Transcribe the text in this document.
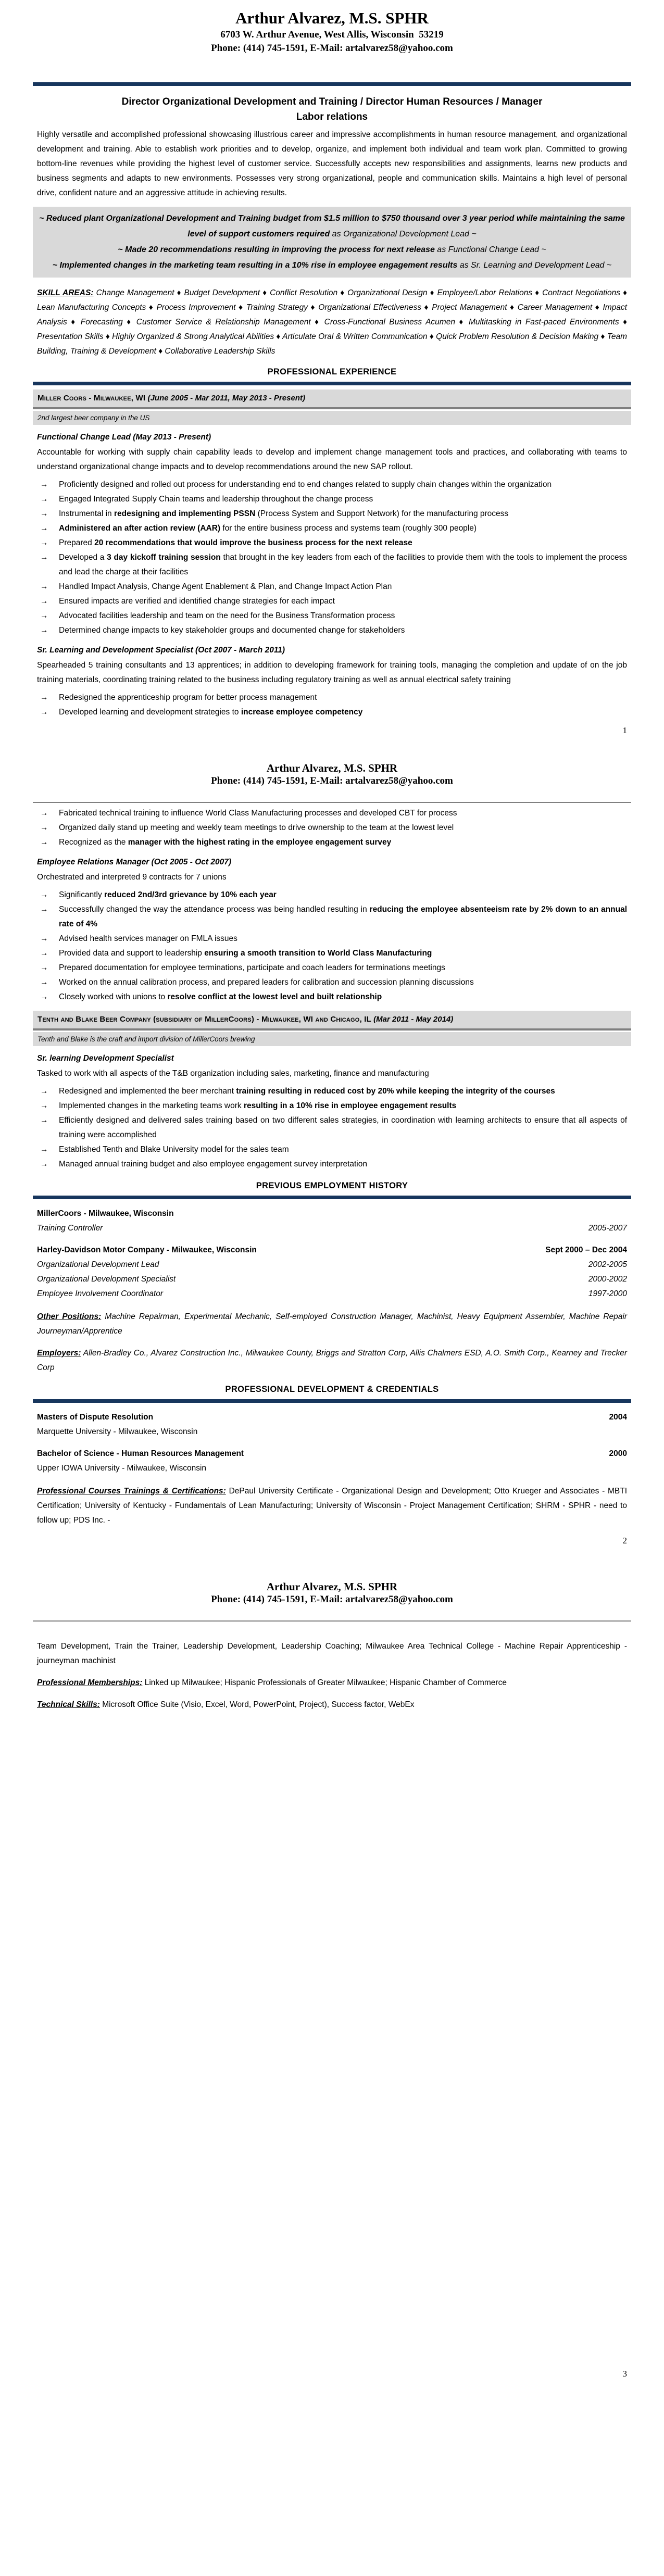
Arthur Alvarez, M.S. SPHR
6703 W. Arthur Avenue, West Allis, Wisconsin  53219
Phone: (414) 745-1591, E-Mail: artalvarez58@yahoo.com
Director Organizational Development and Training / Director Human Resources / Manager
Labor relations

Highly versatile and accomplished professional showcasing illustrious career and impressive accomplishments in human resource management, and organizational development and training. Able to establish work priorities and to develop, organize, and implement both individual and team work plan. Committed to growing bottom-line revenues while providing the highest level of customer service. Successfully accepts new responsibilities and assignments, learns new products and business segments and adapts to new environments. Possesses very strong organizational, people and communication skills. Maintains a high level of personal drive, confident nature and an aggressive attitude in achieving results.

~ Reduced plant Organizational Development and Training budget from $1.5 million to $750 thousand over 3 year period while maintaining the same level of support customers required as Organizational Development Lead ~

~ Made 20 recommendations resulting in improving the process for next release as Functional Change Lead ~

~ Implemented changes in the marketing team resulting in a 10% rise in employee engagement results as Sr. Learning and Development Lead ~

SKILL AREAS: Change Management ♦ Budget Development ♦ Conflict Resolution ♦ Organizational Design ♦ Employee/Labor Relations ♦ Contract Negotiations ♦ Lean Manufacturing Concepts ♦ Process Improvement ♦ Training Strategy ♦ Organizational Effectiveness ♦ Project Management ♦ Career Management ♦ Impact Analysis ♦ Forecasting ♦ Customer Service & Relationship Management ♦ Cross-Functional Business Acumen ♦ Multitasking in Fast-paced Environments ♦ Presentation Skills ♦ Highly Organized & Strong Analytical Abilities ♦ Articulate Oral & Written Communication ♦ Quick Problem Resolution & Decision Making ♦ Team Building, Training & Development ♦ Collaborative Leadership Skills

PROFESSIONAL EXPERIENCE
Miller Coors - Milwaukee, WI (June 2005 - Mar 2011, May 2013 - Present)
2nd largest beer company in the US

Functional Change Lead (May 2013 - Present)

Accountable for working with supply chain capability leads to develop and implement change management tools and practices, and collaborating with teams to understand organizational change impacts and to develop recommendations around the new SAP rollout.

→ Proficiently designed and rolled out process for understanding end to end changes related to supply chain changes within the organization
→ Engaged Integrated Supply Chain teams and leadership throughout the change process
→ Instrumental in redesigning and implementing PSSN (Process System and Support Network) for the manufacturing process
→ Administered an after action review (AAR) for the entire business process and systems team (roughly 300 people)
→ Prepared 20 recommendations that would improve the business process for the next release
→ Developed a 3 day kickoff training session that brought in the key leaders from each of the facilities to provide them with the tools to implement the process and lead the charge at their facilities
→ Handled Impact Analysis, Change Agent Enablement & Plan, and Change Impact Action Plan
→ Ensured impacts are verified and identified change strategies for each impact
→ Advocated facilities leadership and team on the need for the Business Transformation process
→ Determined change impacts to key stakeholder groups and documented change for stakeholders

Sr. Learning and Development Specialist (Oct 2007 - March 2011)

Spearheaded 5 training consultants and 13 apprentices; in addition to developing framework for training tools, managing the completion and update of on the job training materials, coordinating training related to the business including regulatory training as well as annual electrical safety training

→ Redesigned the apprenticeship program for better process management
→ Developed learning and development strategies to increase employee competency
1
Arthur Alvarez, M.S. SPHR
Phone: (414) 745-1591, E-Mail: artalvarez58@yahoo.com
→ Fabricated technical training to influence World Class Manufacturing processes and developed CBT for process
→ Organized daily stand up meeting and weekly team meetings to drive ownership to the team at the lowest level
→ Recognized as the manager with the highest rating in the employee engagement survey

Employee Relations Manager (Oct 2005 - Oct 2007)

Orchestrated and interpreted 9 contracts for 7 unions

→ Significantly reduced 2nd/3rd grievance by 10% each year
→ Successfully changed the way the attendance process was being handled resulting in reducing the employee absenteeism rate by 2% down to an annual rate of 4%
→ Advised health services manager on FMLA issues
→ Provided data and support to leadership ensuring a smooth transition to World Class Manufacturing
→ Prepared documentation for employee terminations, participate and coach leaders for terminations meetings
→ Worked on the annual calibration process, and prepared leaders for calibration and succession planning discussions
→ Closely worked with unions to resolve conflict at the lowest level and built relationship
Tenth and Blake Beer Company (subsidiary of MillerCoors) - Milwaukee, WI and Chicago, IL (Mar 2011 - May 2014)
Tenth and Blake is the craft and import division of MillerCoors brewing

Sr. learning Development Specialist

Tasked to work with all aspects of the T&B organization including sales, marketing, finance and manufacturing

→ Redesigned and implemented the beer merchant training resulting in reduced cost by 20% while keeping the integrity of the courses
→ Implemented changes in the marketing teams work resulting in a 10% rise in employee engagement results
→ Efficiently designed and delivered sales training based on two different sales strategies, in coordination with learning architects to ensure that all aspects of training were accomplished
→ Established Tenth and Blake University model for the sales team
→ Managed annual training budget and also employee engagement survey interpretation
PREVIOUS EMPLOYMENT HISTORY
MillerCoors - Milwaukee, Wisconsin
Training Controller	2005-2007
Harley-Davidson Motor Company - Milwaukee, Wisconsin	Sept 2000 – Dec 2004
Organizational Development Lead	2002-2005
Organizational Development Specialist	2000-2002
Employee Involvement Coordinator	1997-2000

Other Positions: Machine Repairman, Experimental Mechanic, Self-employed Construction Manager, Machinist, Heavy Equipment Assembler, Machine Repair Journeyman/Apprentice

Employers: Allen-Bradley Co., Alvarez Construction Inc., Milwaukee County, Briggs and Stratton Corp, Allis Chalmers ESD, A.O. Smith Corp., Kearney and Trecker Corp

PROFESSIONAL DEVELOPMENT & CREDENTIALS
Masters of Dispute Resolution	2004
Marquette University - Milwaukee, Wisconsin
Bachelor of Science - Human Resources Management	2000
Upper IOWA University - Milwaukee, Wisconsin

Professional Courses Trainings & Certifications: DePaul University Certificate - Organizational Design and Development; Otto Krueger and Associates - MBTI Certification; University of Kentucky - Fundamentals of Lean Manufacturing; University of Wisconsin - Project Management Certification; SHRM - SPHR - need to follow up; PDS Inc. -

2
Arthur Alvarez, M.S. SPHR
Phone: (414) 745-1591, E-Mail: artalvarez58@yahoo.com

Team Development, Train the Trainer, Leadership Development, Leadership Coaching; Milwaukee Area Technical College - Machine Repair Apprenticeship - journeyman machinist

Professional Memberships: Linked up Milwaukee; Hispanic Professionals of Greater Milwaukee; Hispanic Chamber of Commerce

Technical Skills: Microsoft Office Suite (Visio, Excel, Word, PowerPoint, Project), Success factor, WebEx

3
